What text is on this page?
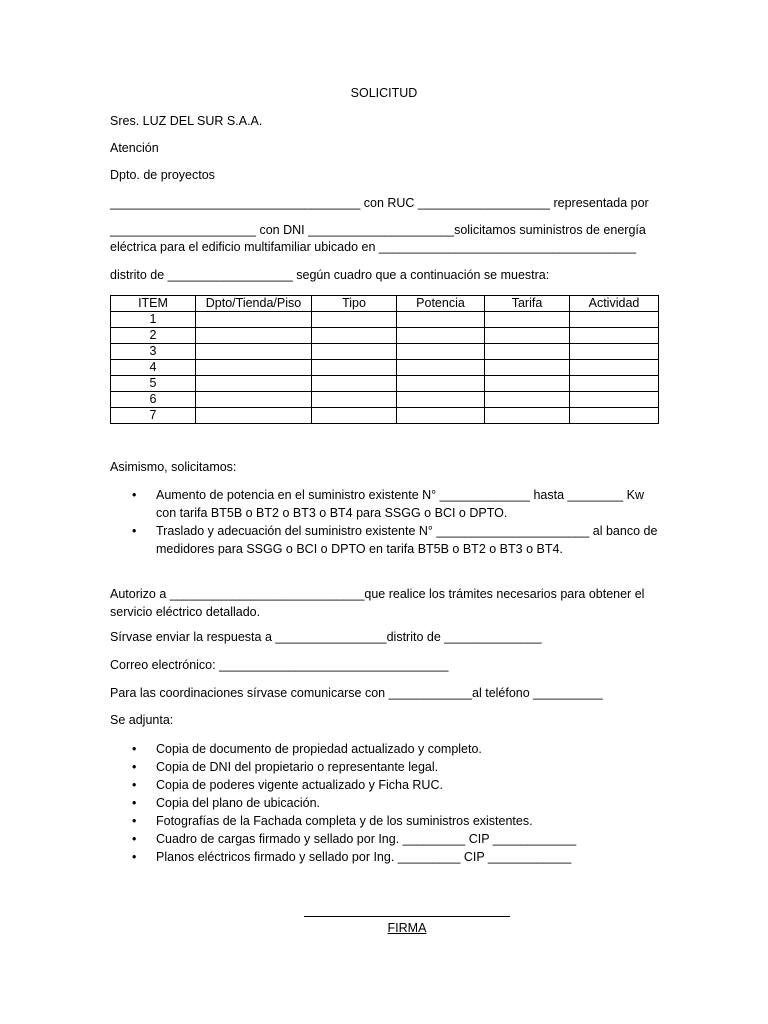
SOLICITUD
Sres. LUZ DEL SUR S.A.A.
Atención
Dpto. de proyectos
____________________________________ con RUC ___________________ representada por
_____________________ con DNI _____________________solicitamos suministros de energía
eléctrica para el edificio multifamiliar ubicado en _____________________________________
distrito de __________________ según cuadro que a continuación se muestra:
ITEM	Dpto/Tienda/Piso	Tipo	Potencia	Tarifa	Actividad
1					
2					
3					
4					
5					
6					
7					
Asimismo, solicitamos:
• Aumento de potencia en el suministro existente N° _____________ hasta ________ Kw con tarifa BT5B o BT2 o BT3 o BT4 para SSGG o BCI o DPTO.
• Traslado y adecuación del suministro existente N° ______________________ al banco de medidores para SSGG o BCI o DPTO en tarifa BT5B o BT2 o BT3 o BT4.
Autorizo a ____________________________que realice los trámites necesarios para obtener el servicio eléctrico detallado.
Sírvase enviar la respuesta a ________________distrito de ______________
Correo electrónico: _________________________________
Para las coordinaciones sírvase comunicarse con ____________al teléfono __________
Se adjunta:
• Copia de documento de propiedad actualizado y completo.
• Copia de DNI del propietario o representante legal.
• Copia de poderes vigente actualizado y Ficha RUC.
• Copia del plano de ubicación.
• Fotografías de la Fachada completa y de los suministros existentes.
• Cuadro de cargas firmado y sellado por Ing. _________ CIP ____________
• Planos eléctricos firmado y sellado por Ing. _________ CIP ____________
FIRMA
